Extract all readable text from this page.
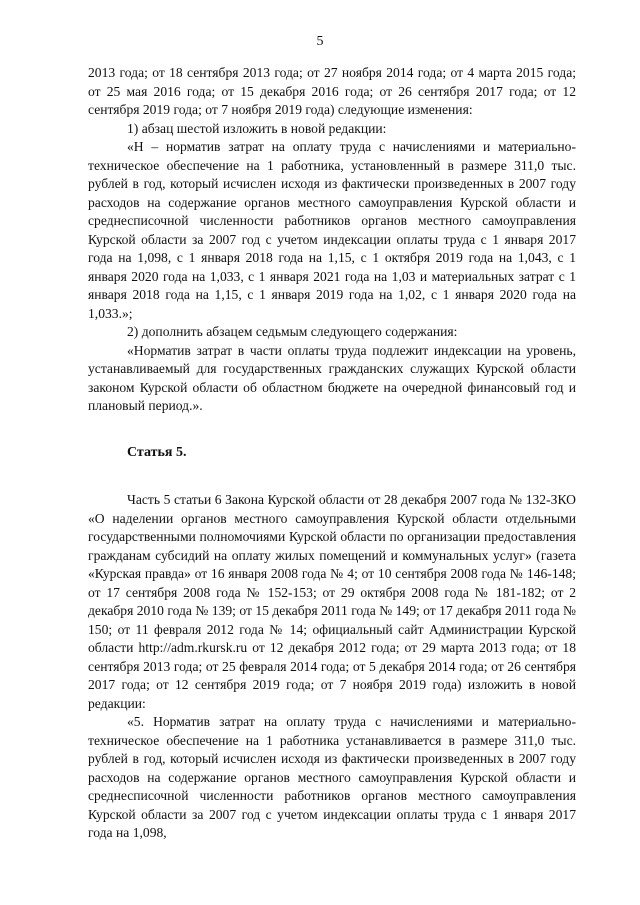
5

2013 года; от 18 сентября 2013 года; от 27 ноября 2014 года; от 4 марта 2015 года; от 25 мая 2016 года; от 15 декабря 2016 года; от 26 сентября 2017 года; от 12 сентября 2019 года; от 7 ноября 2019 года) следующие изменения:

1) абзац шестой изложить в новой редакции:

«Н – норматив затрат на оплату труда с начислениями и материально-техническое обеспечение на 1 работника, установленный в размере 311,0 тыс. рублей в год, который исчислен исходя из фактически произведенных в 2007 году расходов на содержание органов местного самоуправления Курской области и среднесписочной численности работников органов местного самоуправления Курской области за 2007 год с учетом индексации оплаты труда с 1 января 2017 года на 1,098, с 1 января 2018 года на 1,15, с 1 октября 2019 года на 1,043, с 1 января 2020 года на 1,033, с 1 января 2021 года на 1,03 и материальных затрат с 1 января 2018 года на 1,15, с 1 января 2019 года на 1,02, с 1 января 2020 года на 1,033.»;

2) дополнить абзацем седьмым следующего содержания:

«Норматив затрат в части оплаты труда подлежит индексации на уровень, устанавливаемый для государственных гражданских служащих Курской области законом Курской области об областном бюджете на очередной финансовый год и плановый период.».

Статья 5.

Часть 5 статьи 6 Закона Курской области от 28 декабря 2007 года № 132-ЗКО «О наделении органов местного самоуправления Курской области отдельными государственными полномочиями Курской области по организации предоставления гражданам субсидий на оплату жилых помещений и коммунальных услуг» (газета «Курская правда» от 16 января 2008 года № 4; от 10 сентября 2008 года № 146-148; от 17 сентября 2008 года № 152-153; от 29 октября 2008 года № 181-182; от 2 декабря 2010 года № 139; от 15 декабря 2011 года № 149; от 17 декабря 2011 года № 150; от 11 февраля 2012 года № 14; официальный сайт Администрации Курской области http://adm.rkursk.ru от 12 декабря 2012 года; от 29 марта 2013 года; от 18 сентября 2013 года; от 25 февраля 2014 года; от 5 декабря 2014 года; от 26 сентября 2017 года; от 12 сентября 2019 года; от 7 ноября 2019 года) изложить в новой редакции:

«5. Норматив затрат на оплату труда с начислениями и материально-техническое обеспечение на 1 работника устанавливается в размере 311,0 тыс. рублей в год, который исчислен исходя из фактически произведенных в 2007 году расходов на содержание органов местного самоуправления Курской области и среднесписочной численности работников органов местного самоуправления Курской области за 2007 год с учетом индексации оплаты труда с 1 января 2017 года на 1,098,
